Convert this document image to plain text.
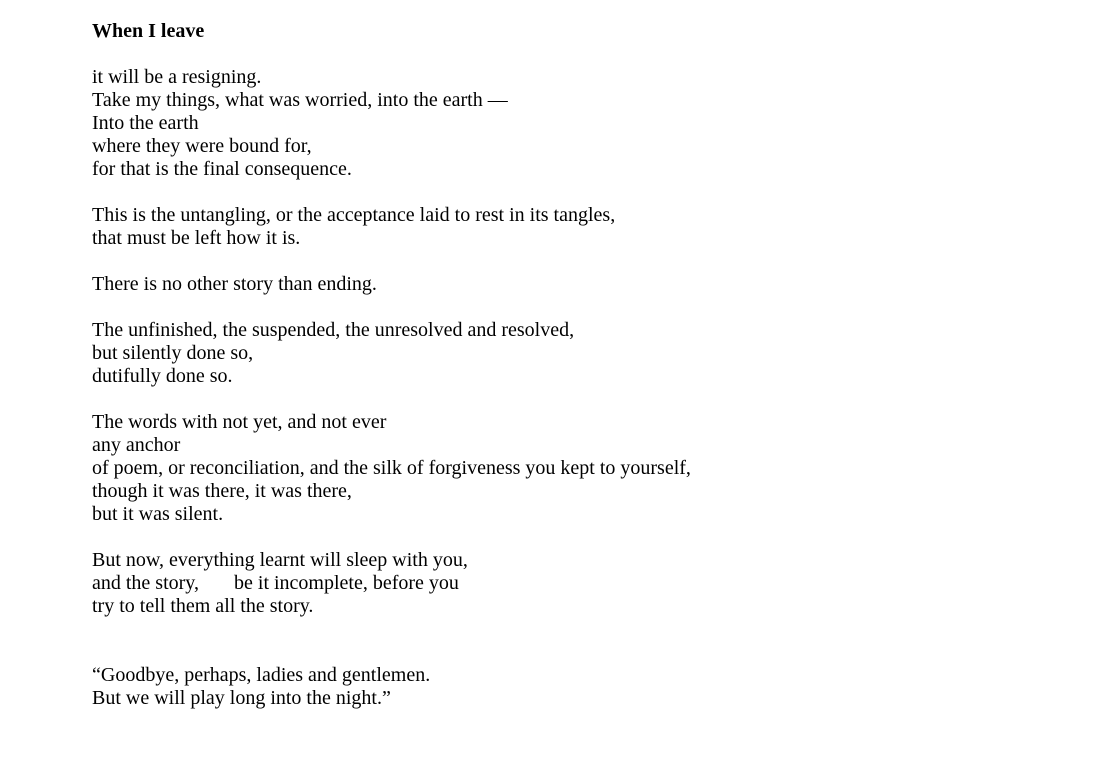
When I leave
it will be a resigning.
Take my things, what was worried, into the earth —
Into the earth
where they were bound for,
for that is the final consequence.
This is the untangling, or the acceptance laid to rest in its tangles,
that must be left how it is.
There is no other story than ending.
The unfinished, the suspended, the unresolved and resolved,
but silently done so,
dutifully done so.
The words with not yet, and not ever
any anchor
of poem, or reconciliation, and the silk of forgiveness you kept to yourself,
though it was there, it was there,
but it was silent.
But now, everything learnt will sleep with you,
and the story,       be it incomplete, before you
try to tell them all the story.
“Goodbye, perhaps, ladies and gentlemen.
But we will play long into the night.”
